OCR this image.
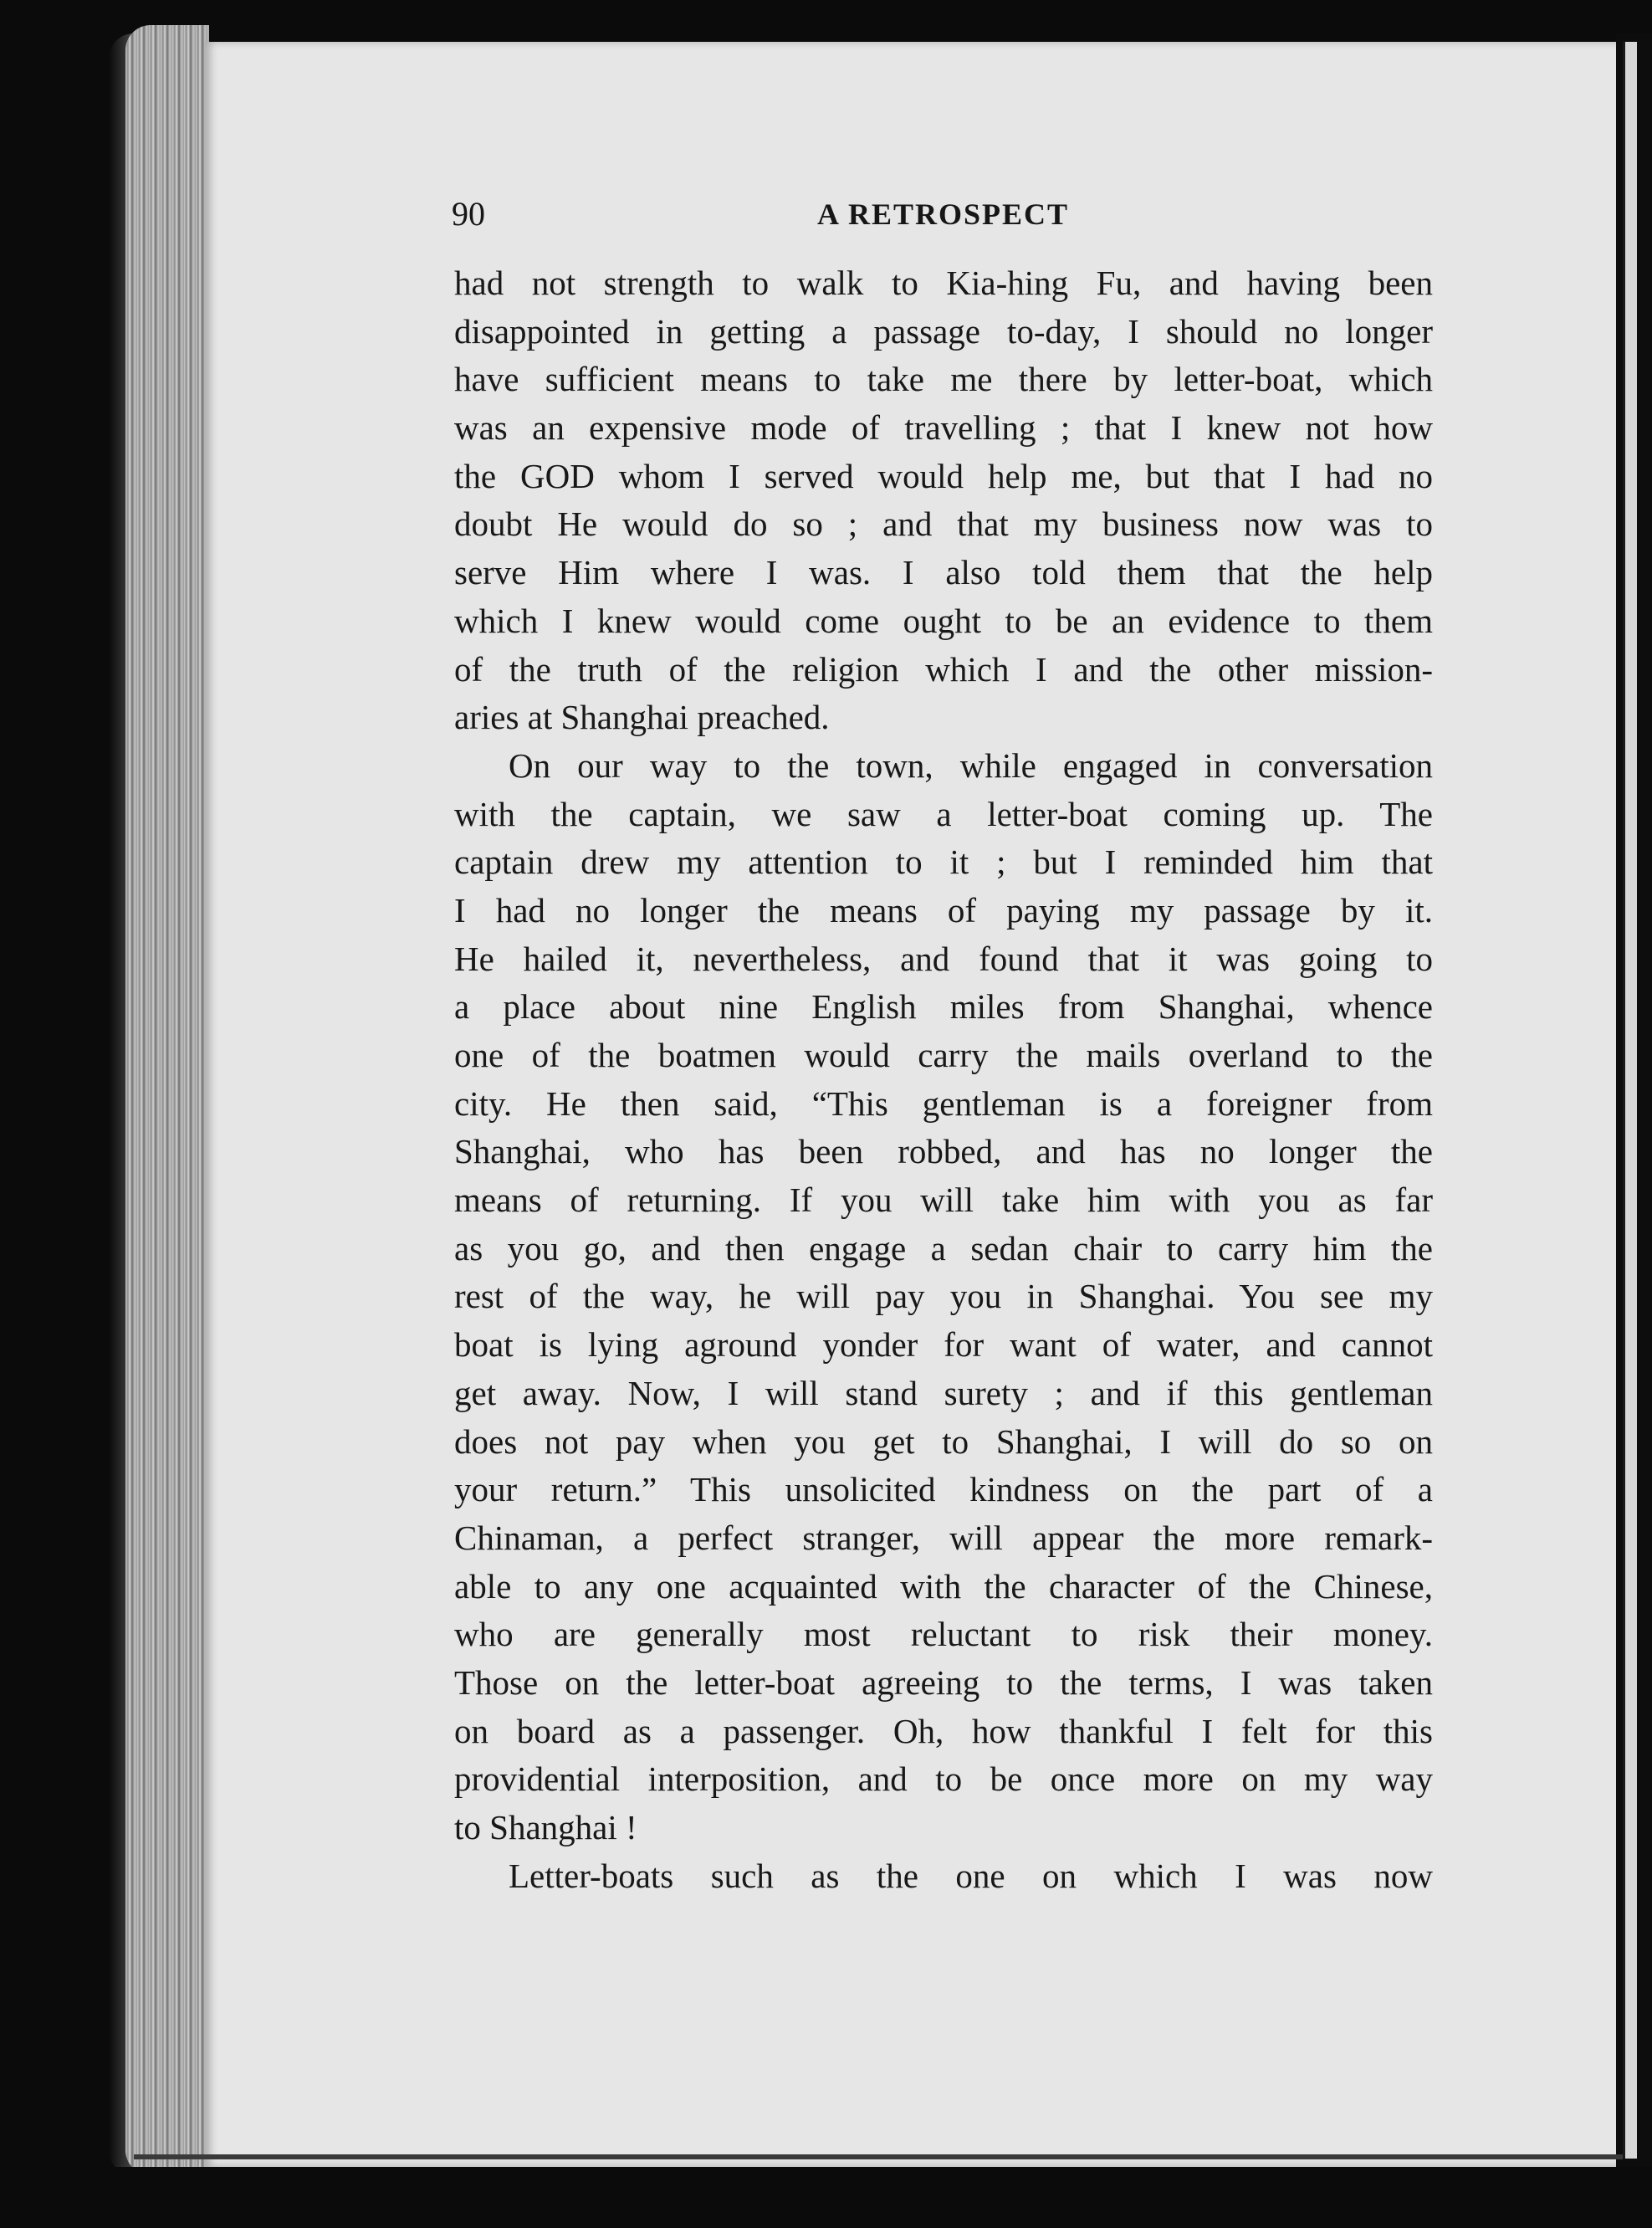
90	A RETROSPECT
had not strength to walk to Kia-hing Fu, and having been
disappointed in getting a passage to-day, I should no longer
have sufficient means to take me there by letter-boat, which
was an expensive mode of travelling ; that I knew not how
the GOD whom I served would help me, but that I had no
doubt He would do so ; and that my business now was to
serve Him where I was. I also told them that the help
which I knew would come ought to be an evidence to them
of the truth of the religion which I and the other mission-
aries at Shanghai preached.
On our way to the town, while engaged in conversation
with the captain, we saw a letter-boat coming up. The
captain drew my attention to it ; but I reminded him that
I had no longer the means of paying my passage by it.
He hailed it, nevertheless, and found that it was going to
a place about nine English miles from Shanghai, whence
one of the boatmen would carry the mails overland to the
city. He then said, “This gentleman is a foreigner from
Shanghai, who has been robbed, and has no longer the
means of returning. If you will take him with you as far
as you go, and then engage a sedan chair to carry him the
rest of the way, he will pay you in Shanghai. You see my
boat is lying aground yonder for want of water, and cannot
get away. Now, I will stand surety ; and if this gentleman
does not pay when you get to Shanghai, I will do so on
your return.” This unsolicited kindness on the part of a
Chinaman, a perfect stranger, will appear the more remark-
able to any one acquainted with the character of the Chinese,
who are generally most reluctant to risk their money.
Those on the letter-boat agreeing to the terms, I was taken
on board as a passenger. Oh, how thankful I felt for this
providential interposition, and to be once more on my way
to Shanghai !
Letter-boats such as the one on which I was now
